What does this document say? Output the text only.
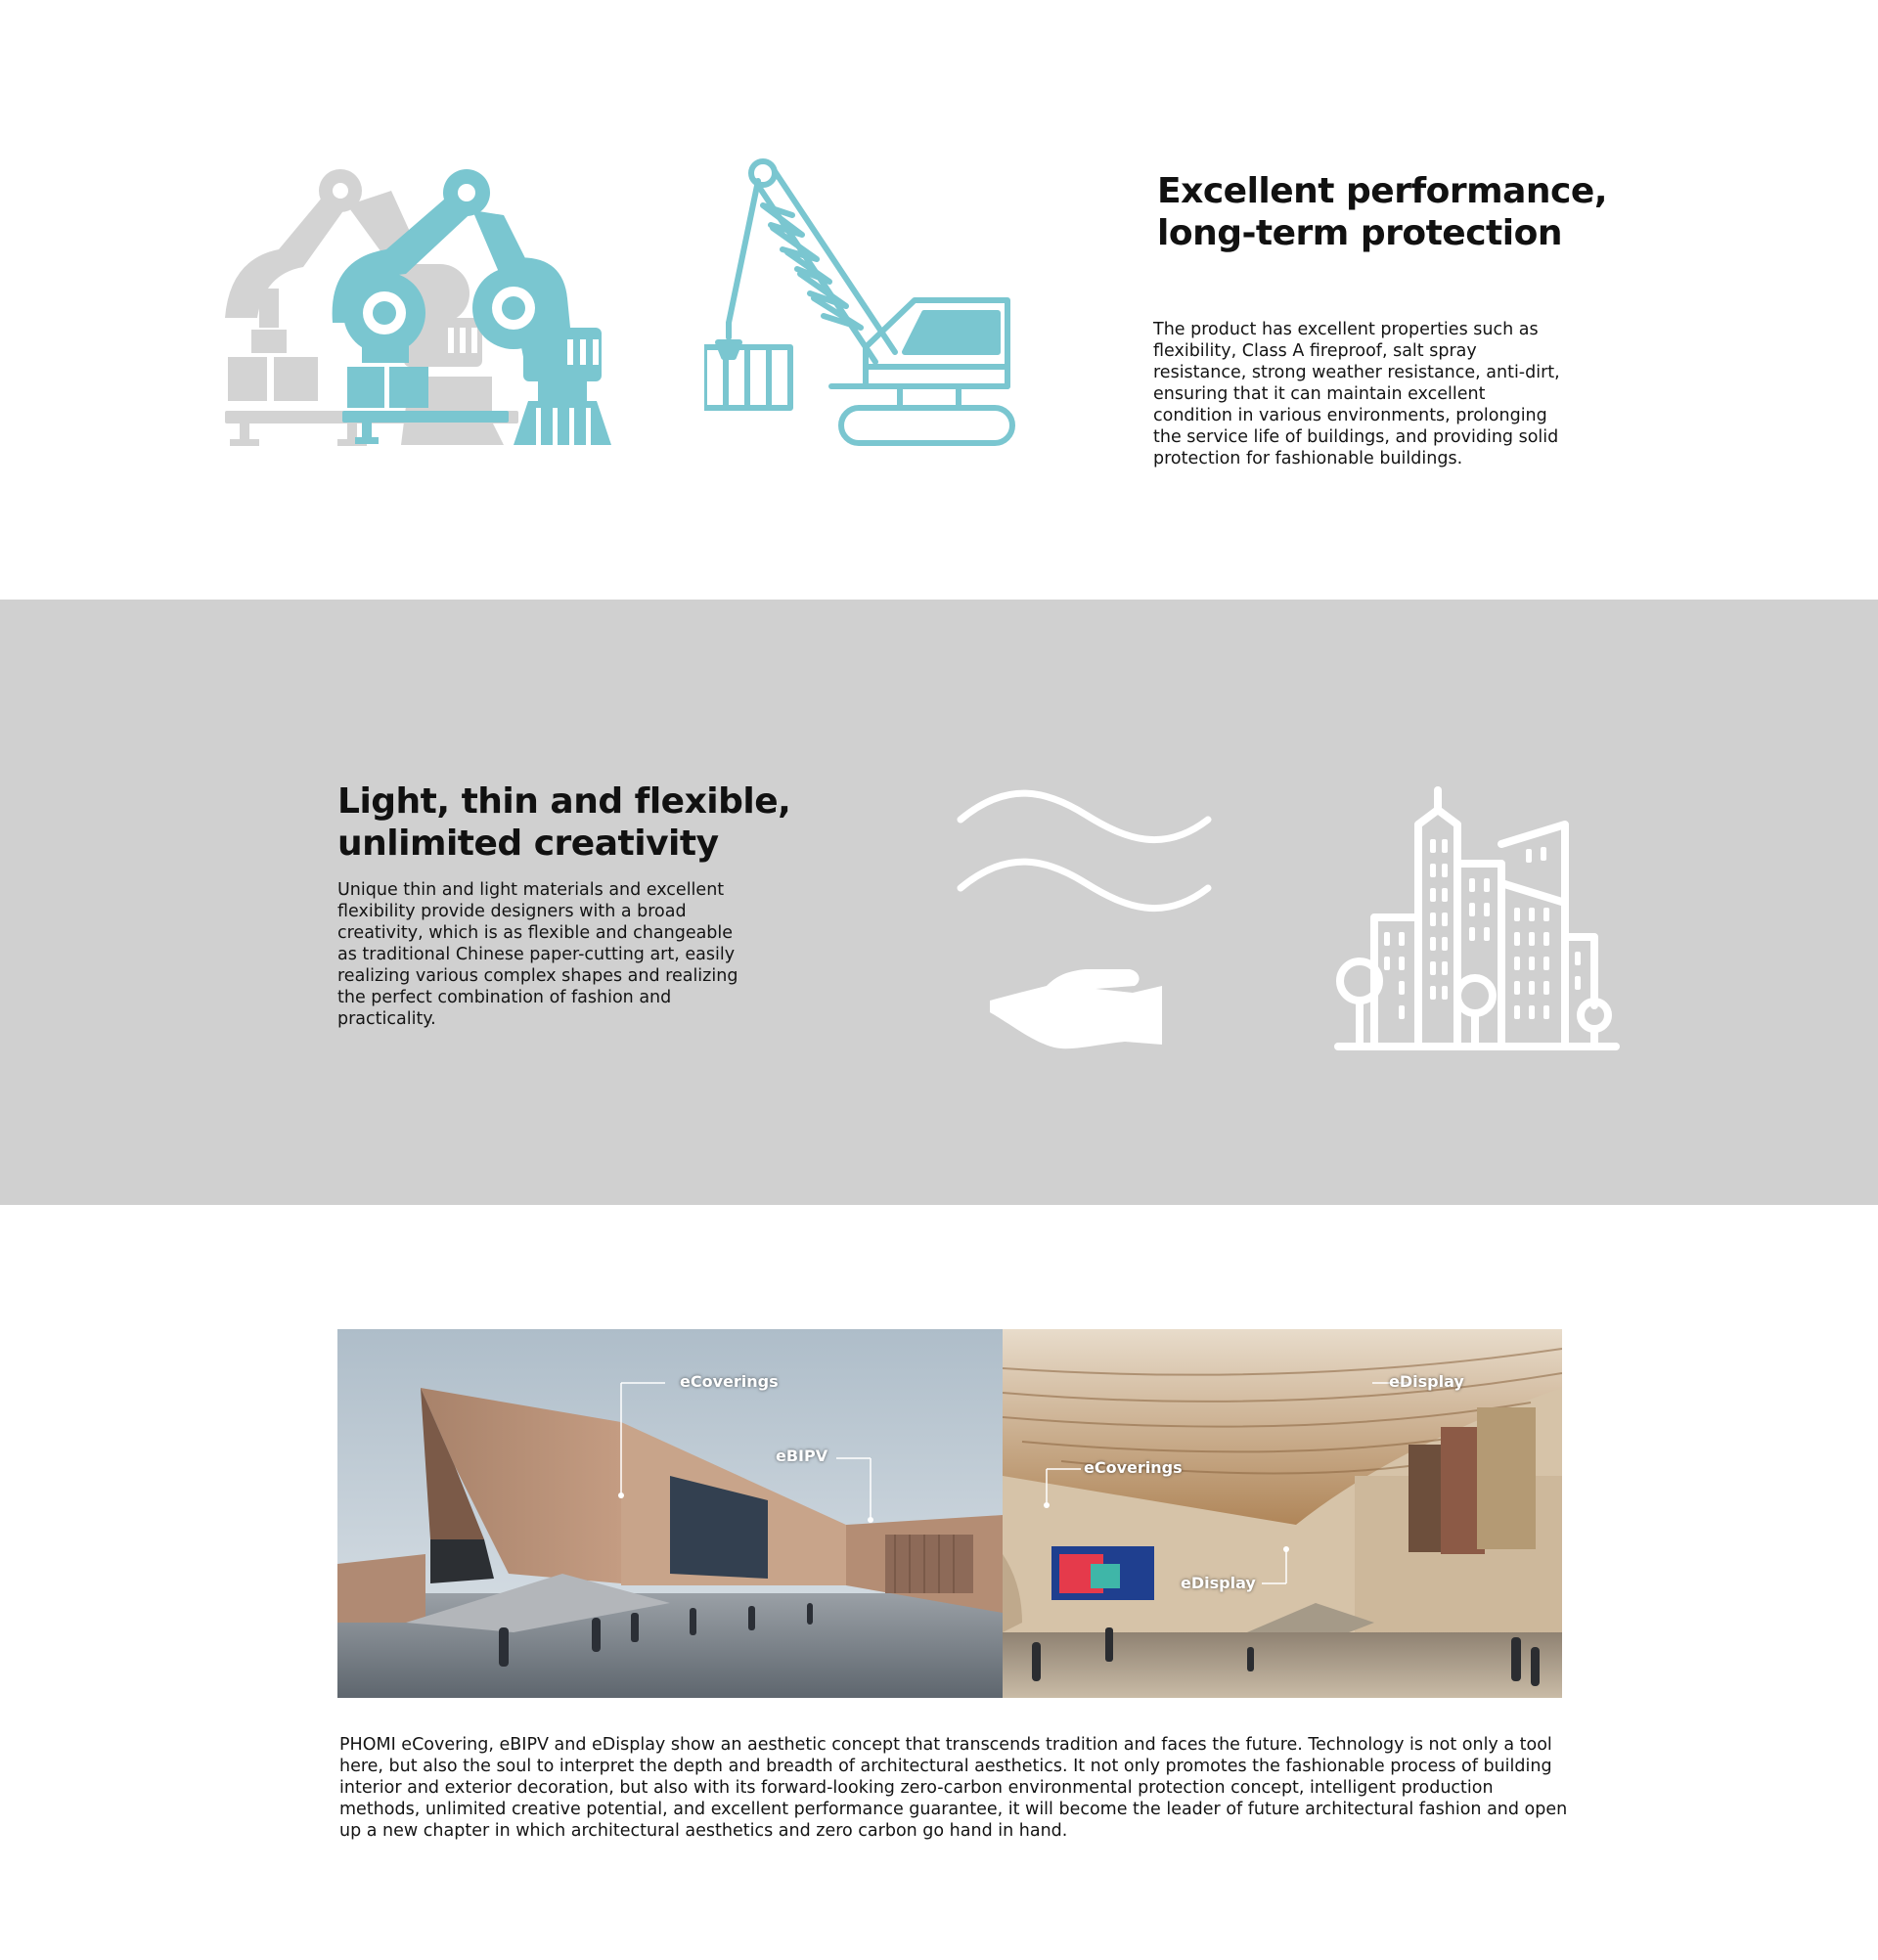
Excellent performance, long-term protection

The product has excellent properties such as flexibility, Class A fireproof, salt spray resistance, strong weather resistance, anti-dirt, ensuring that it can maintain excellent condition in various environments, prolonging the service life of buildings, and providing solid protection for fashionable buildings.

Light, thin and flexible, unlimited creativity

Unique thin and light materials and excellent flexibility provide designers with a broad creativity, which is as flexible and changeable as traditional Chinese paper-cutting art, easily realizing various complex shapes and realizing the perfect combination of fashion and practicality.

eCoverings
eBIPV
eDisplay
eCoverings
eDisplay

PHOMI eCovering, eBIPV and eDisplay show an aesthetic concept that transcends tradition and faces the future. Technology is not only a tool here, but also the soul to interpret the depth and breadth of architectural aesthetics. It not only promotes the fashionable process of building interior and exterior decoration, but also with its forward-looking zero-carbon environmental protection concept, intelligent production methods, unlimited creative potential, and excellent performance guarantee, it will become the leader of future architectural fashion and open up a new chapter in which architectural aesthetics and zero carbon go hand in hand.
